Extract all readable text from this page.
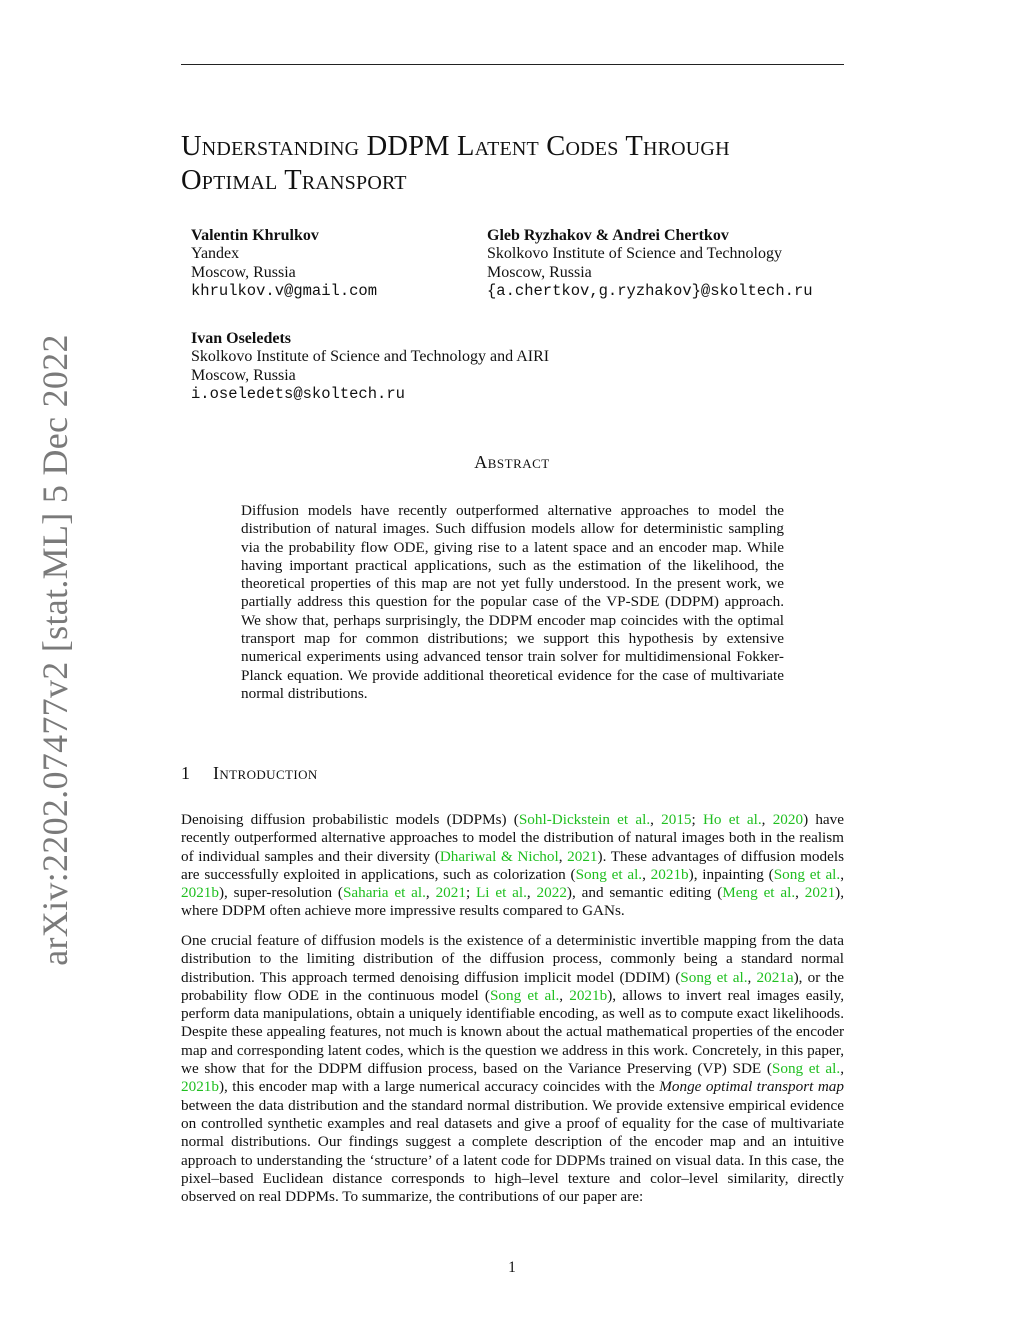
arXiv:2202.07477v2 [stat.ML] 5 Dec 2022
Understanding DDPM Latent Codes Through
Optimal Transport
Valentin Khrulkov
Yandex
Moscow, Russia
khrulkov.v@gmail.com
Gleb Ryzhakov & Andrei Chertkov
Skolkovo Institute of Science and Technology
Moscow, Russia
{a.chertkov,g.ryzhakov}@skoltech.ru
Ivan Oseledets
Skolkovo Institute of Science and Technology and AIRI
Moscow, Russia
i.oseledets@skoltech.ru
Abstract

Diffusion models have recently outperformed alternative approaches to model the distribution of natural images. Such diffusion models allow for deterministic sampling via the probability flow ODE, giving rise to a latent space and an encoder map. While having important practical applications, such as the estimation of the likelihood, the theoretical properties of this map are not yet fully understood. In the present work, we partially address this question for the popular case of the VP-SDE (DDPM) approach. We show that, perhaps surprisingly, the DDPM encoder map coincides with the optimal transport map for common distributions; we support this hypothesis by extensive numerical experiments using advanced tensor train solver for multidimensional Fokker-Planck equation. We provide additional theoretical evidence for the case of multivariate normal distributions.

1 Introduction

Denoising diffusion probabilistic models (DDPMs) (Sohl-Dickstein et al., 2015; Ho et al., 2020) have recently outperformed alternative approaches to model the distribution of natural images both in the realism of individual samples and their diversity (Dhariwal & Nichol, 2021). These advantages of diffusion models are successfully exploited in applications, such as colorization (Song et al., 2021b), inpainting (Song et al., 2021b), super-resolution (Saharia et al., 2021; Li et al., 2022), and semantic editing (Meng et al., 2021), where DDPM often achieve more impressive results compared to GANs.

One crucial feature of diffusion models is the existence of a deterministic invertible mapping from the data distribution to the limiting distribution of the diffusion process, commonly being a standard normal distribution. This approach termed denoising diffusion implicit model (DDIM) (Song et al., 2021a), or the probability flow ODE in the continuous model (Song et al., 2021b), allows to invert real images easily, perform data manipulations, obtain a uniquely identifiable encoding, as well as to compute exact likelihoods. Despite these appealing features, not much is known about the actual mathematical properties of the encoder map and corresponding latent codes, which is the question we address in this work. Concretely, in this paper, we show that for the DDPM diffusion process, based on the Variance Preserving (VP) SDE (Song et al., 2021b), this encoder map with a large numerical accuracy coincides with the Monge optimal transport map between the data distribution and the standard normal distribution. We provide extensive empirical evidence on controlled synthetic examples and real datasets and give a proof of equality for the case of multivariate normal distributions. Our findings suggest a complete description of the encoder map and an intuitive approach to understanding the ‘structure’ of a latent code for DDPMs trained on visual data. In this case, the pixel–based Euclidean distance corresponds to high–level texture and color–level similarity, directly observed on real DDPMs. To summarize, the contributions of our paper are:

1
